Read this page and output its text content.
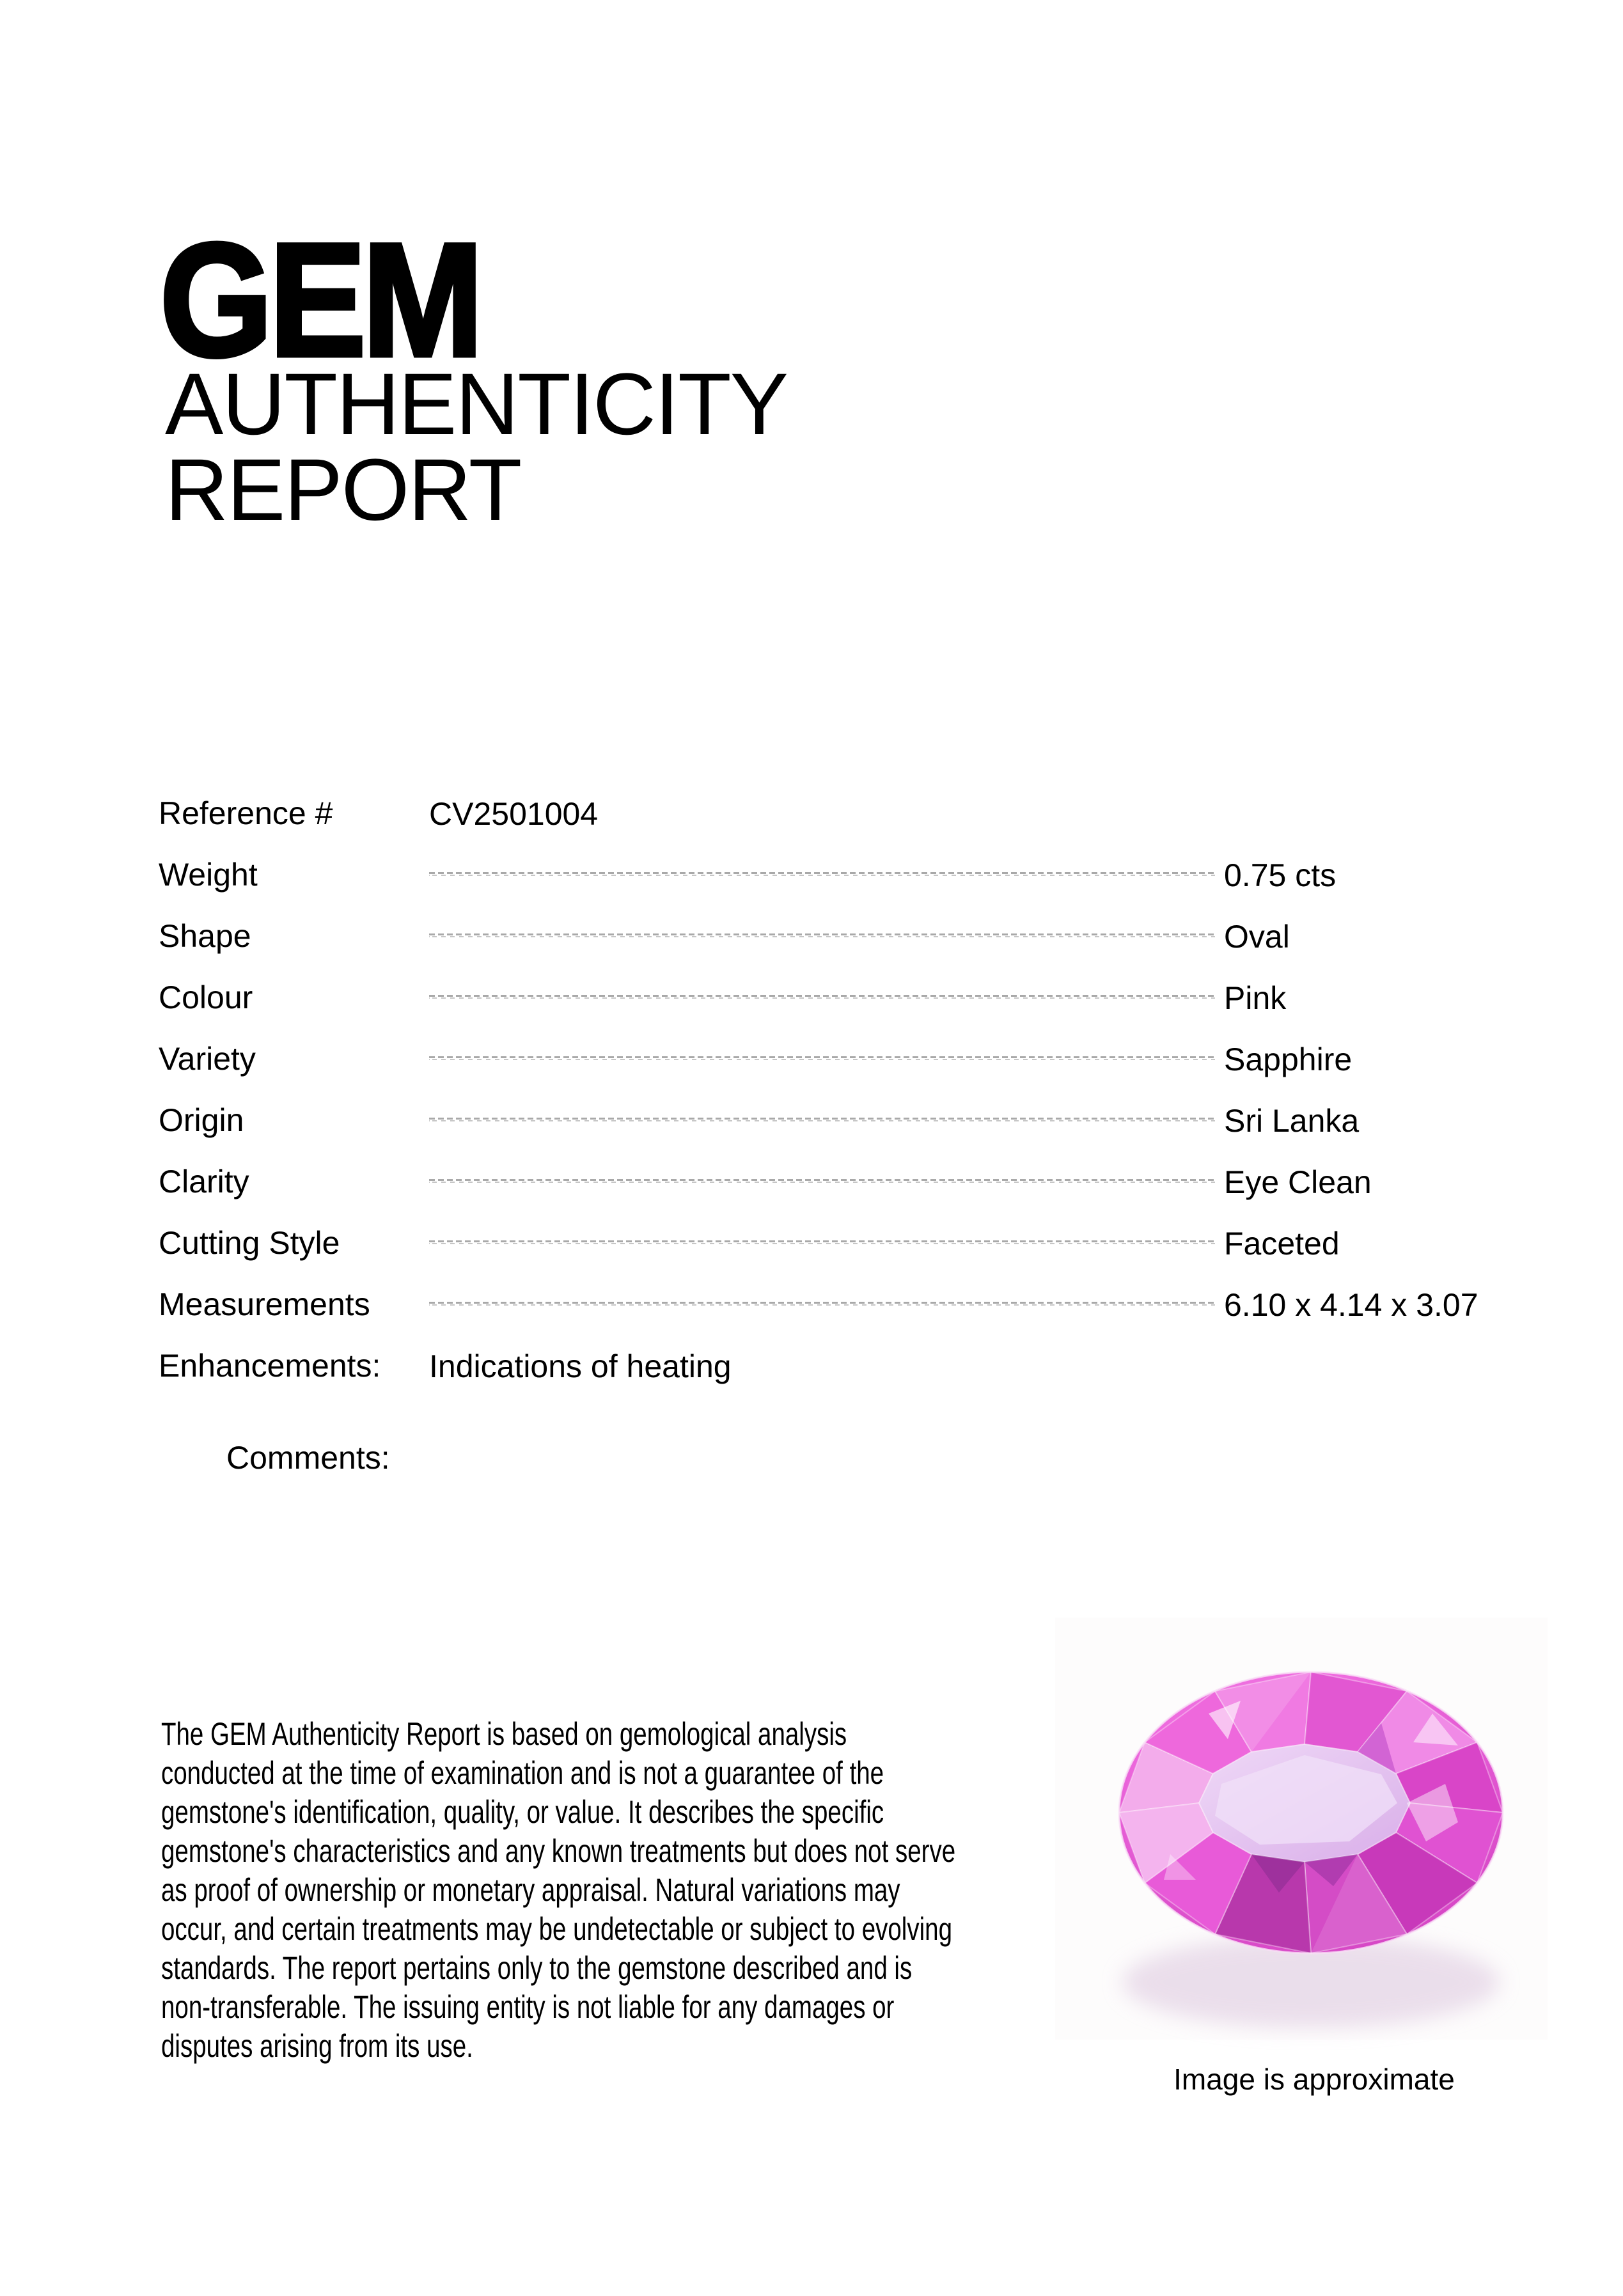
GEM
AUTHENTICITY REPORT
Reference #	CV2501004
Weight	0.75 cts
Shape	Oval
Colour	Pink
Variety	Sapphire
Origin	Sri Lanka
Clarity	Eye Clean
Cutting Style	Faceted
Measurements	6.10 x 4.14 x 3.07
Enhancements: Indications of heating
Comments:

The GEM Authenticity Report is based on gemological analysis conducted at the time of examination and is not a guarantee of the gemstone's identification, quality, or value. It describes the specific gemstone's characteristics and any known treatments but does not serve as proof of ownership or monetary appraisal. Natural variations may occur, and certain treatments may be undetectable or subject to evolving standards. The report pertains only to the gemstone described and is non-transferable. The issuing entity is not liable for any damages or disputes arising from its use.

Image is approximate
